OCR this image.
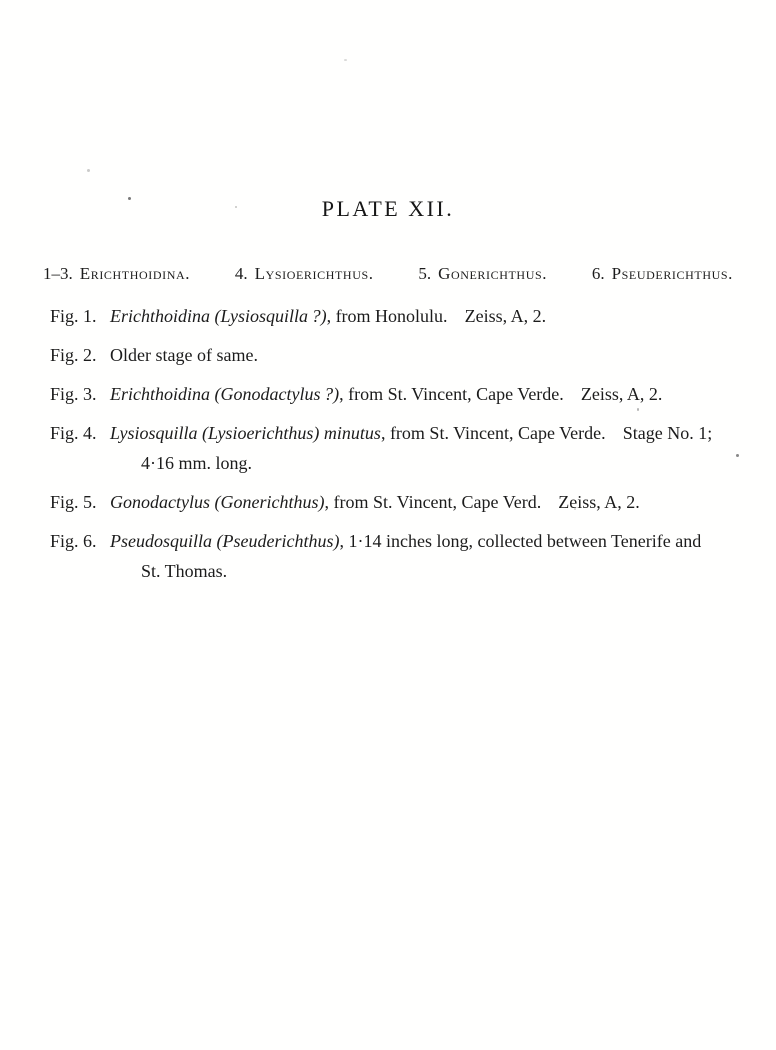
PLATE XII.
1–3. Erichthoidina.	4. Lysioerichthus.	5. Gonerichthus.	6. Pseuderichthus.
Fig. 1. Erichthoidina (Lysiosquilla ?), from Honolulu. Zeiss, A, 2.
Fig. 2. Older stage of same.
Fig. 3. Erichthoidina (Gonodactylus ?), from St. Vincent, Cape Verde. Zeiss, A, 2.
Fig. 4. Lysiosquilla (Lysioerichthus) minutus, from St. Vincent, Cape Verde. Stage No. 1;
4·16 mm. long.
Fig. 5. Gonodactylus (Gonerichthus), from St. Vincent, Cape Verd. Zeiss, A, 2.
Fig. 6. Pseudosquilla (Pseuderichthus), 1·14 inches long, collected between Tenerife and
St. Thomas.
